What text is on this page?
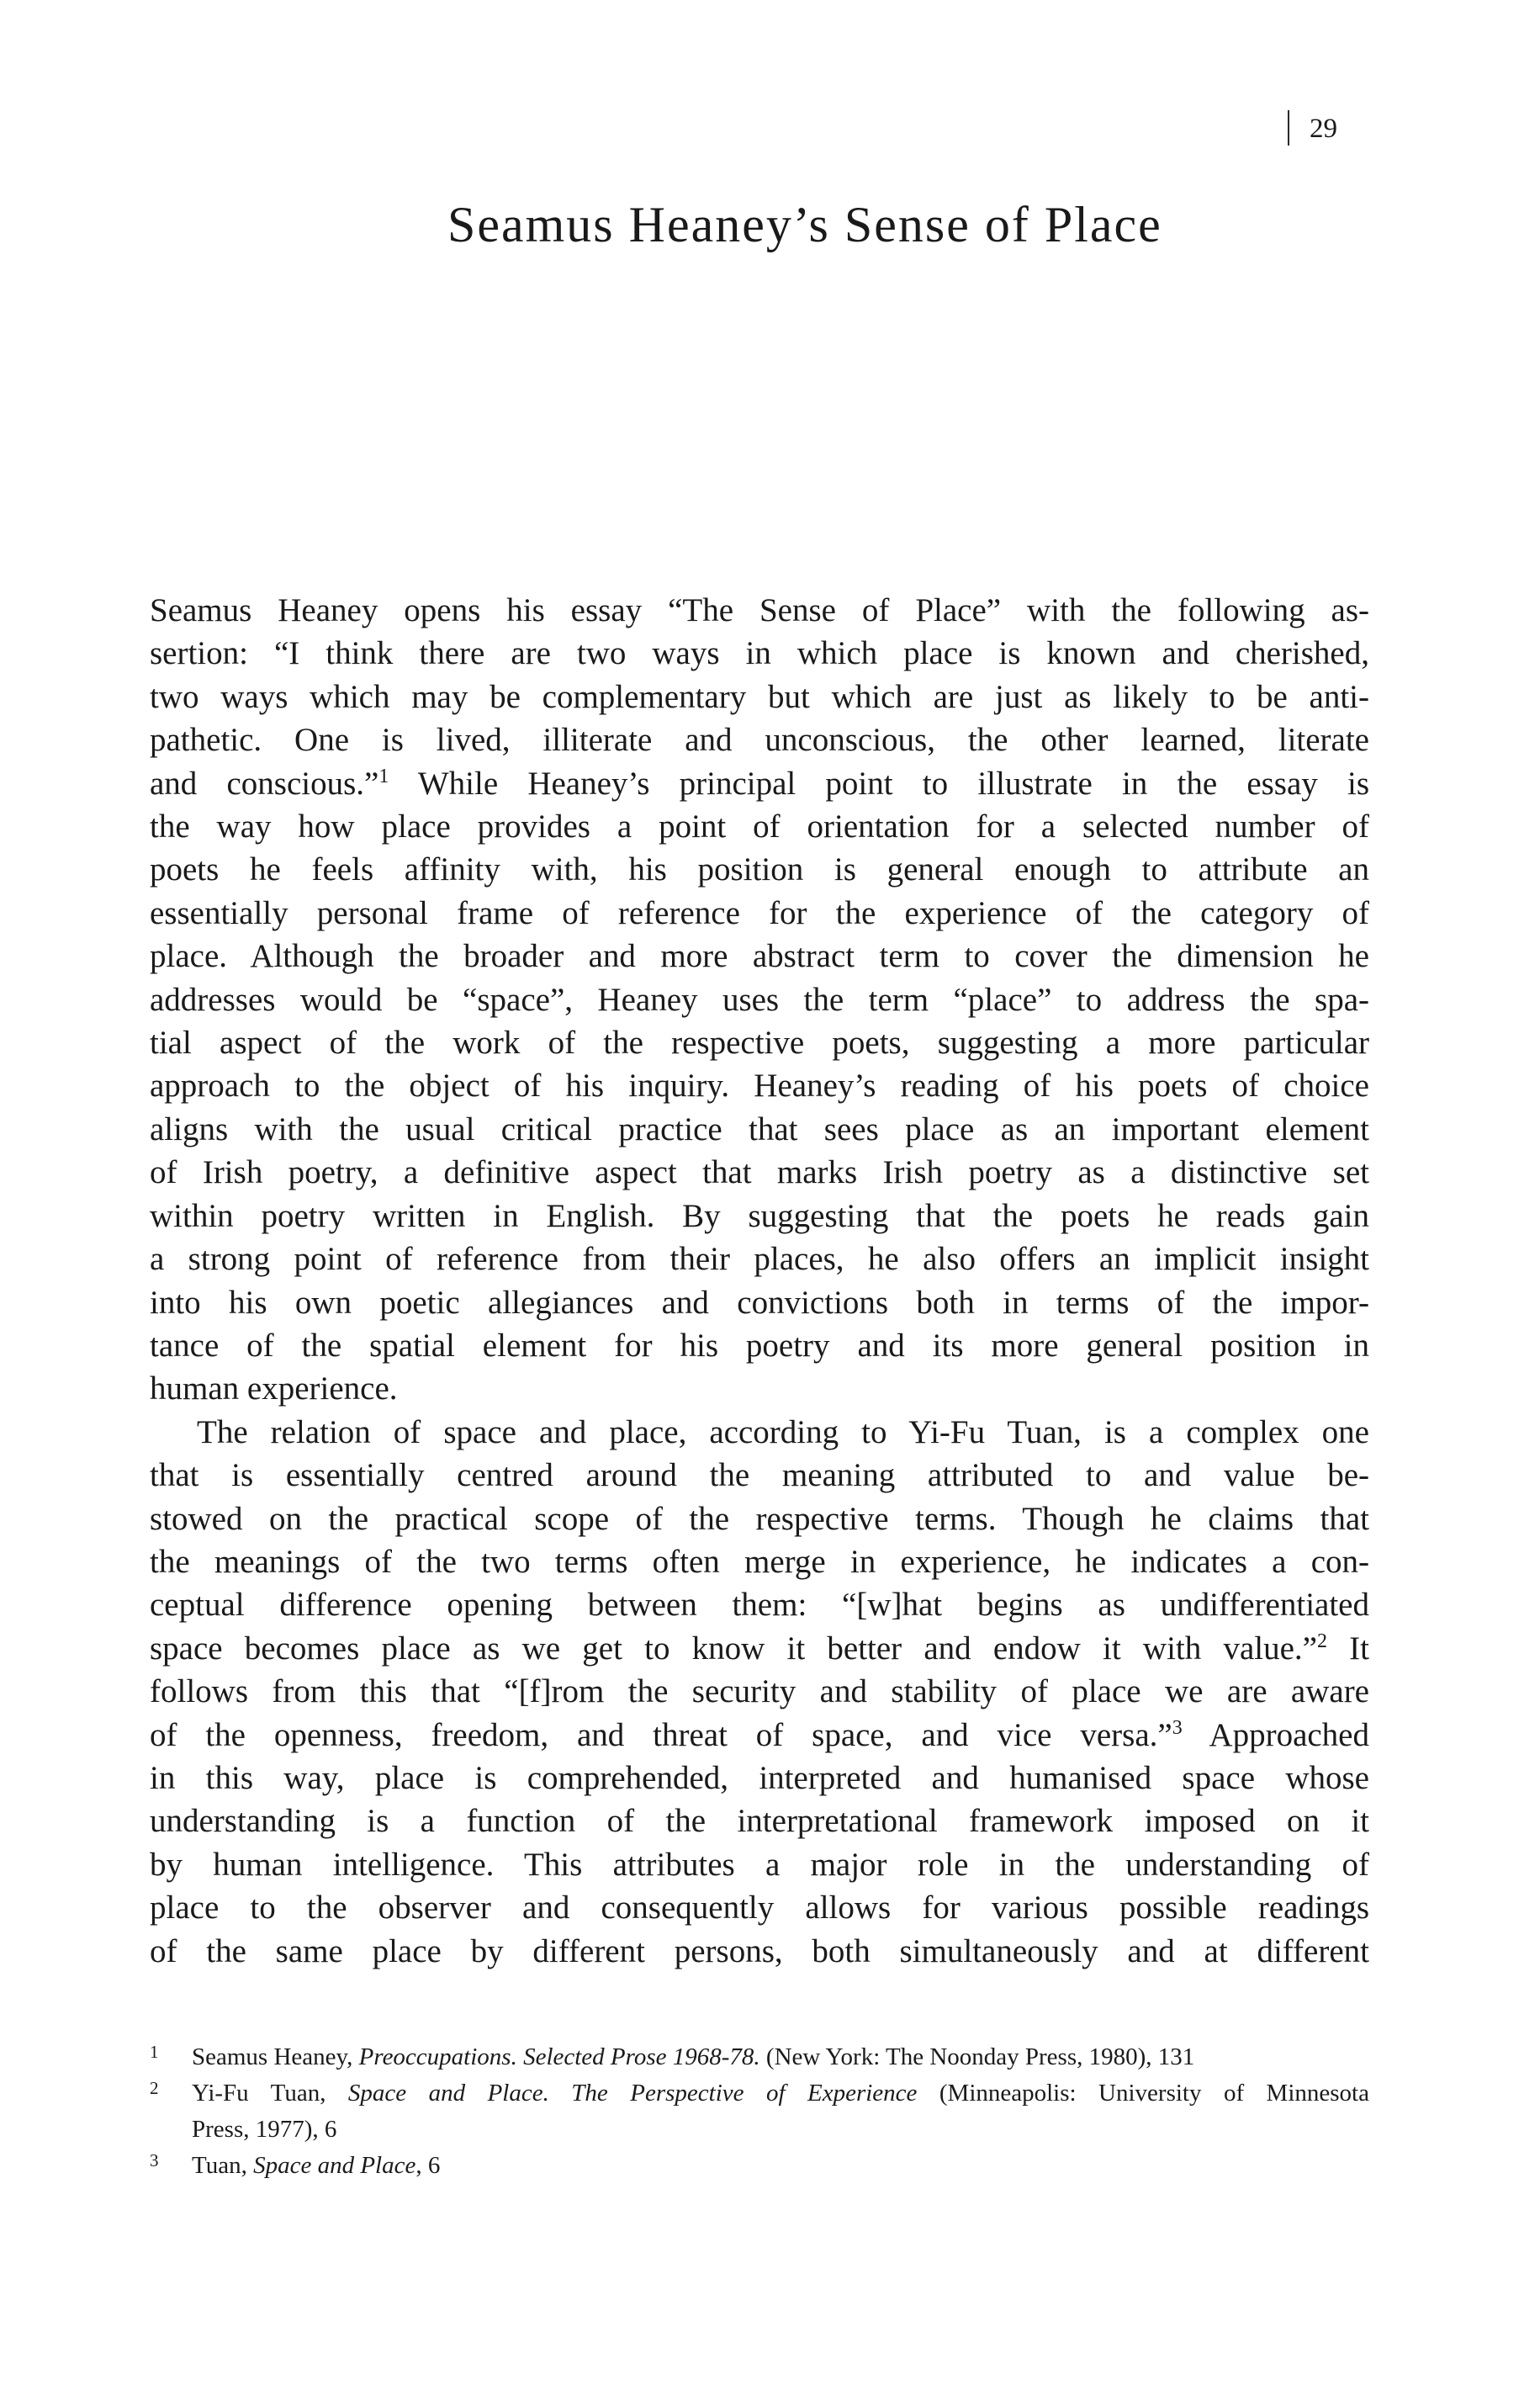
29
Seamus Heaney’s Sense of Place
Seamus Heaney opens his essay “The Sense of Place” with the following as-
sertion: “I think there are two ways in which place is known and cherished,
two ways which may be complementary but which are just as likely to be anti-
pathetic. One is lived, illiterate and unconscious, the other learned, literate
and conscious.”$^1$ While Heaney’s principal point to illustrate in the essay is
the way how place provides a point of orientation for a selected number of
poets he feels affinity with, his position is general enough to attribute an
essentially personal frame of reference for the experience of the category of
place. Although the broader and more abstract term to cover the dimension he
addresses would be “space”, Heaney uses the term “place” to address the spa-
tial aspect of the work of the respective poets, suggesting a more particular
approach to the object of his inquiry. Heaney’s reading of his poets of choice
aligns with the usual critical practice that sees place as an important element
of Irish poetry, a definitive aspect that marks Irish poetry as a distinctive set
within poetry written in English. By suggesting that the poets he reads gain
a strong point of reference from their places, he also offers an implicit insight
into his own poetic allegiances and convictions both in terms of the impor-
tance of the spatial element for his poetry and its more general position in
human experience.
The relation of space and place, according to Yi-Fu Tuan, is a complex one
that is essentially centred around the meaning attributed to and value be-
stowed on the practical scope of the respective terms. Though he claims that
the meanings of the two terms often merge in experience, he indicates a con-
ceptual difference opening between them: “[w]hat begins as undifferentiated
space becomes place as we get to know it better and endow it with value.”$^2$ It
follows from this that “[f]rom the security and stability of place we are aware
of the openness, freedom, and threat of space, and vice versa.”$^3$ Approached
in this way, place is comprehended, interpreted and humanised space whose
understanding is a function of the interpretational framework imposed on it
by human intelligence. This attributes a major role in the understanding of
place to the observer and consequently allows for various possible readings
of the same place by different persons, both simultaneously and at different
1	Seamus Heaney, Preoccupations. Selected Prose 1968-78. (New York: The Noonday Press, 1980), 131
2	Yi-Fu Tuan, Space and Place. The Perspective of Experience (Minneapolis: University of Minnesota
Press, 1977), 6
3	Tuan, Space and Place, 6
